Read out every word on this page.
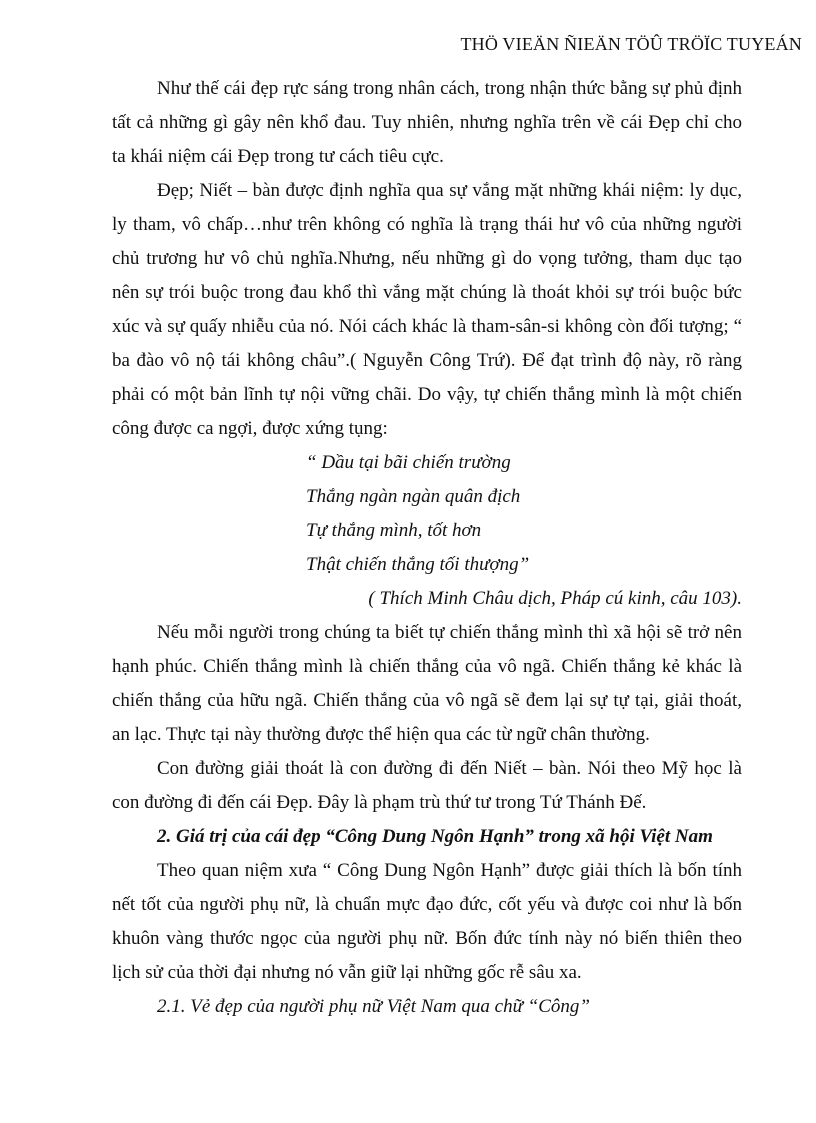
THÖ VIEÄN ÑIEÄN TÖÛ TRÖÏC TUYEÁN

Như thế cái đẹp rực sáng trong nhân cách, trong nhận thức bằng sự phủ định tất cả những gì gây nên khổ đau. Tuy nhiên, nhưng nghĩa trên về cái Đẹp chỉ cho ta khái niệm cái Đẹp trong tư cách tiêu cực.

Đẹp; Niết – bàn được định nghĩa qua sự vắng mặt những khái niệm: ly dục, ly tham, vô chấp…như trên không có nghĩa là trạng thái hư vô của những người chủ trương hư vô chủ nghĩa.Nhưng, nếu những gì do vọng tưởng, tham dục tạo nên sự trói buộc trong đau khổ thì vắng mặt chúng là thoát khỏi sự trói buộc bức xúc và sự quấy nhiễu của nó. Nói cách khác là tham-sân-si không còn đối tượng; “ ba đào vô nộ tái không châu”.( Nguyễn Công Trứ). Để đạt trình độ này, rõ ràng phải có một bản lĩnh tự nội vững chãi. Do vậy, tự chiến thắng mình là một chiến công được ca ngợi, được xứng tụng:

“ Dầu tại bãi chiến trường
Thắng ngàn ngàn quân địch
Tự thắng mình, tốt hơn
Thật chiến thắng tối thượng”
( Thích Minh Châu dịch, Pháp cú kinh, câu 103).

Nếu mỗi người trong chúng ta biết tự chiến thắng mình thì xã hội sẽ trở nên hạnh phúc. Chiến thắng mình là chiến thắng của vô ngã. Chiến thắng kẻ khác là chiến thắng của hữu ngã. Chiến thắng của vô ngã sẽ đem lại sự tự tại, giải thoát, an lạc. Thực tại này thường được thể hiện qua các từ ngữ chân thường.

Con đường giải thoát là con đường đi đến Niết – bàn. Nói theo Mỹ học là con đường đi đến cái Đẹp. Đây là phạm trù thứ tư trong Tứ Thánh Đế.

2. Giá trị của cái đẹp “Công Dung Ngôn Hạnh” trong xã hội Việt Nam

Theo quan niệm xưa “ Công Dung Ngôn Hạnh” được giải thích là bốn tính nết tốt của người phụ nữ, là chuẩn mực đạo đức, cốt yếu và được coi như là bốn khuôn vàng thước ngọc của người phụ nữ. Bốn đức tính này nó biến thiên theo lịch sử của thời đại nhưng nó vẫn giữ lại những gốc rễ sâu xa.

2.1. Vẻ đẹp của người phụ nữ Việt Nam qua chữ “Công”
